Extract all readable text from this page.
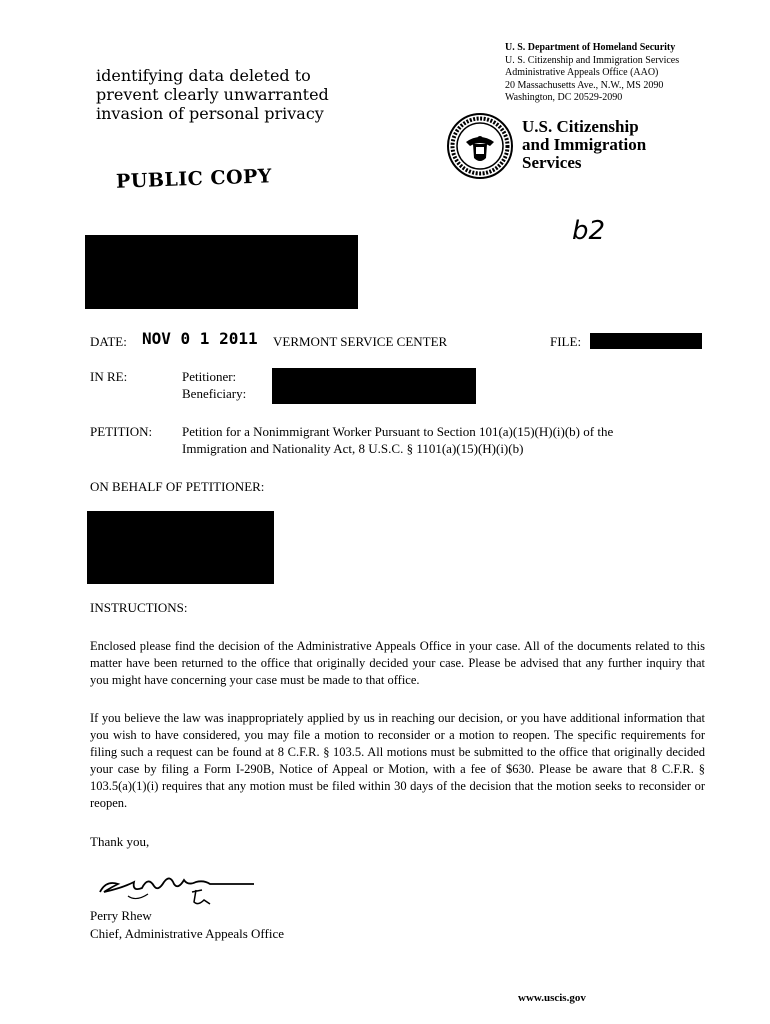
identifying data deleted to
prevent clearly unwarranted
invasion of personal privacy
PUBLIC COPY
U. S. Department of Homeland Security
U. S. Citizenship and Immigration Services
Administrative Appeals Office (AAO)
20 Massachusetts Ave., N.W., MS 2090
Washington, DC 20529-2090
U.S. Citizenship
and Immigration
Services
b2
DATE: NOV 0 1 2011 VERMONT SERVICE CENTER	FILE:
IN RE:	Petitioner:
Beneficiary:
PETITION: Petition for a Nonimmigrant Worker Pursuant to Section 101(a)(15)(H)(i)(b) of the
Immigration and Nationality Act, 8 U.S.C. § 1101(a)(15)(H)(i)(b)
ON BEHALF OF PETITIONER:
INSTRUCTIONS:
Enclosed please find the decision of the Administrative Appeals Office in your case. All of the documents related to this matter have been returned to the office that originally decided your case. Please be advised that any further inquiry that you might have concerning your case must be made to that office.
If you believe the law was inappropriately applied by us in reaching our decision, or you have additional information that you wish to have considered, you may file a motion to reconsider or a motion to reopen. The specific requirements for filing such a request can be found at 8 C.F.R. § 103.5. All motions must be submitted to the office that originally decided your case by filing a Form I-290B, Notice of Appeal or Motion, with a fee of $630. Please be aware that 8 C.F.R. § 103.5(a)(1)(i) requires that any motion must be filed within 30 days of the decision that the motion seeks to reconsider or reopen.
Thank you,
Perry Rhew
Chief, Administrative Appeals Office
www.uscis.gov
